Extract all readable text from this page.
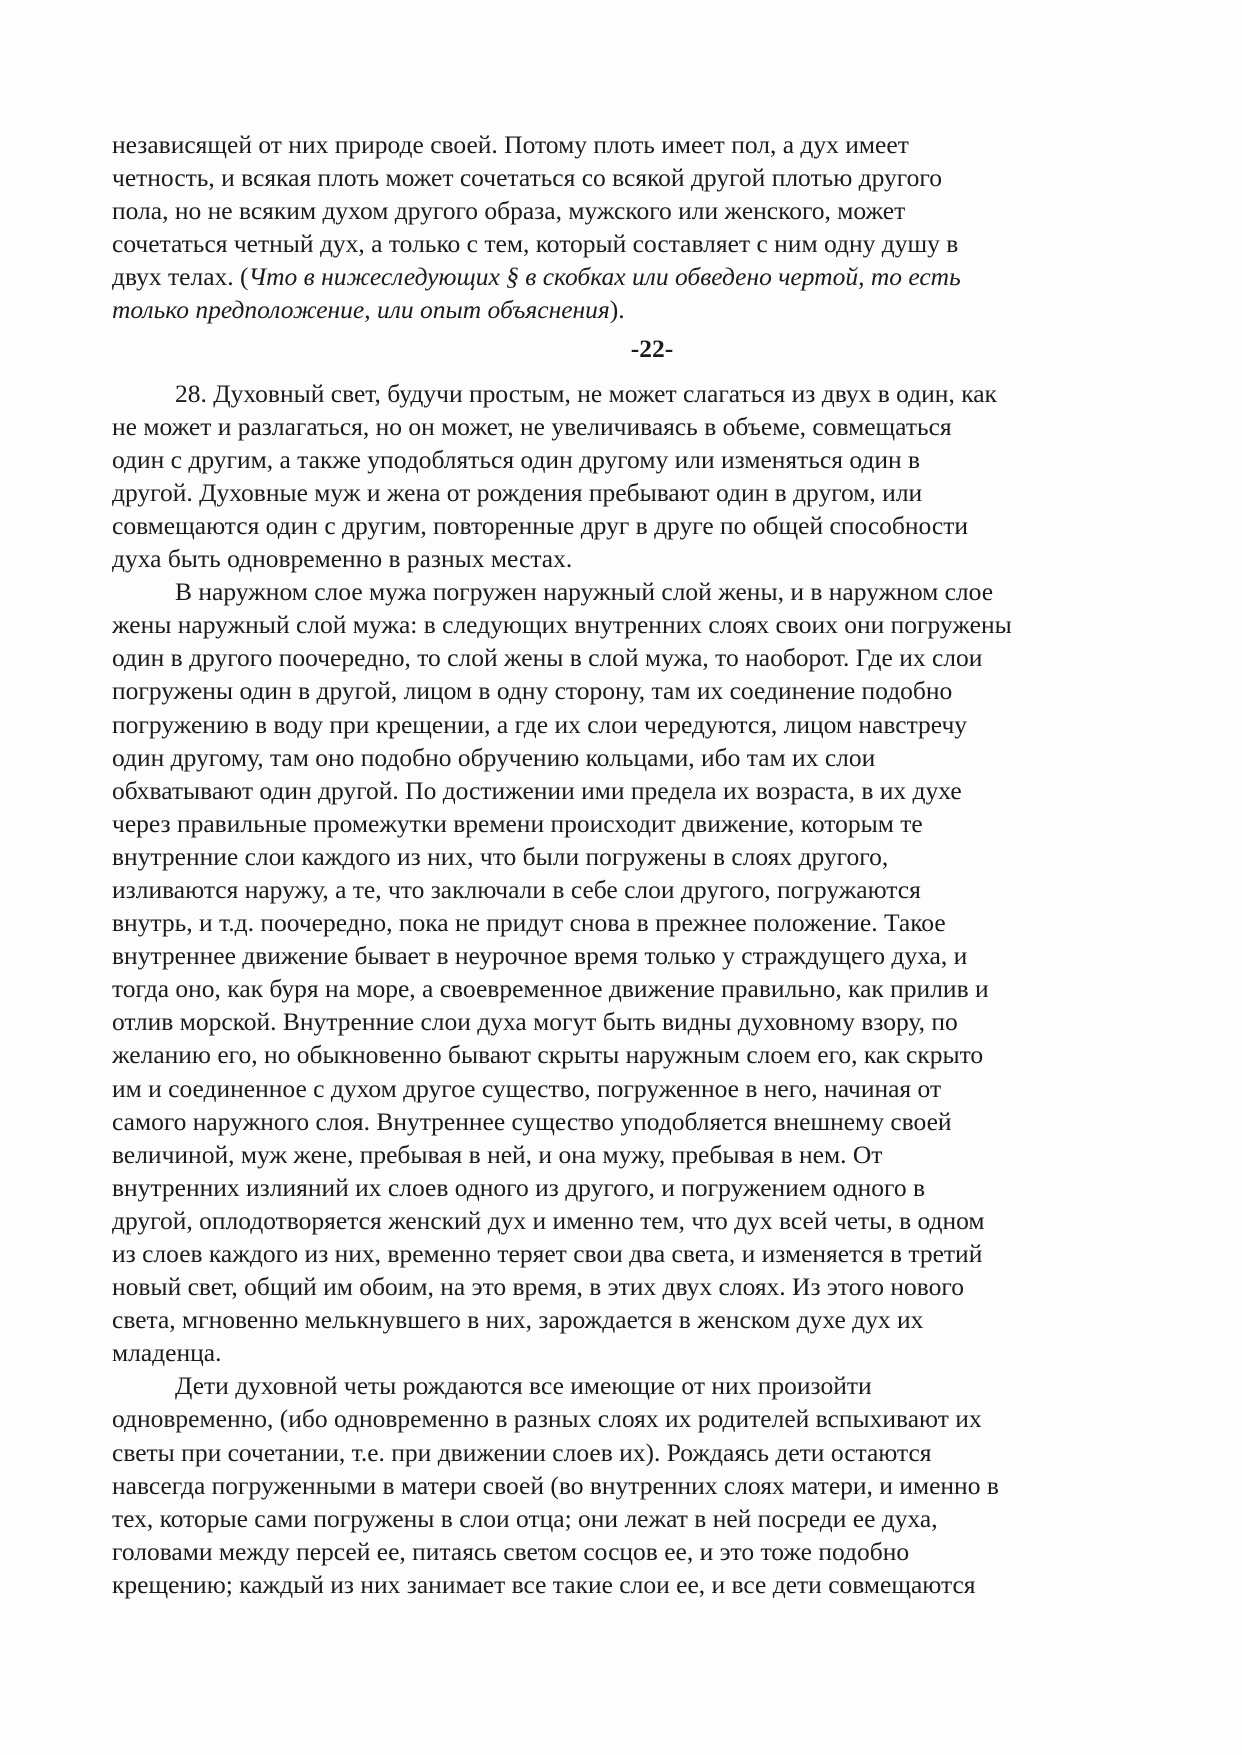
независящей от них природе своей. Потому плоть имеет пол, а дух имеет
четность, и всякая плоть может сочетаться со всякой другой плотью другого
пола, но не всяким духом другого образа, мужского или женского, может
сочетаться четный дух, а только с тем, который составляет с ним одну душу в
двух телах. (Что в нижеследующих § в скобках или обведено чертой, то есть
только предположение, или опыт объяснения).
-22-
28. Духовный свет, будучи простым, не может слагаться из двух в один, как
не может и разлагаться, но он может, не увеличиваясь в объеме, совмещаться
один с другим, а также уподобляться один другому или изменяться один в
другой. Духовные муж и жена от рождения пребывают один в другом, или
совмещаются один с другим, повторенные друг в друге по общей способности
духа быть одновременно в разных местах.
В наружном слое мужа погружен наружный слой жены, и в наружном слое
жены наружный слой мужа: в следующих внутренних слоях своих они погружены
один в другого поочередно, то слой жены в слой мужа, то наоборот. Где их слои
погружены один в другой, лицом в одну сторону, там их соединение подобно
погружению в воду при крещении, а где их слои чередуются, лицом навстречу
один другому, там оно подобно обручению кольцами, ибо там их слои
обхватывают один другой. По достижении ими предела их возраста, в их духе
через правильные промежутки времени происходит движение, которым те
внутренние слои каждого из них, что были погружены в слоях другого,
изливаются наружу, а те, что заключали в себе слои другого, погружаются
внутрь, и т.д. поочередно, пока не придут снова в прежнее положение. Такое
внутреннее движение бывает в неурочное время только у страждущего духа, и
тогда оно, как буря на море, а своевременное движение правильно, как прилив и
отлив морской. Внутренние слои духа могут быть видны духовному взору, по
желанию его, но обыкновенно бывают скрыты наружным слоем его, как скрыто
им и соединенное с духом другое существо, погруженное в него, начиная от
самого наружного слоя. Внутреннее существо уподобляется внешнему своей
величиной, муж жене, пребывая в ней, и она мужу, пребывая в нем. От
внутренних излияний их слоев одного из другого, и погружением одного в
другой, оплодотворяется женский дух и именно тем, что дух всей четы, в одном
из слоев каждого из них, временно теряет свои два света, и изменяется в третий
новый свет, общий им обоим, на это время, в этих двух слоях. Из этого нового
света, мгновенно мелькнувшего в них, зарождается в женском духе дух их
младенца.
Дети духовной четы рождаются все имеющие от них произойти
одновременно, (ибо одновременно в разных слоях их родителей вспыхивают их
светы при сочетании, т.е. при движении слоев их). Рождаясь дети остаются
навсегда погруженными в матери своей (во внутренних слоях матери, и именно в
тех, которые сами погружены в слои отца; они лежат в ней посреди ее духа,
головами между персей ее, питаясь светом сосцов ее, и это тоже подобно
крещению; каждый из них занимает все такие слои ее, и все дети совмещаются
